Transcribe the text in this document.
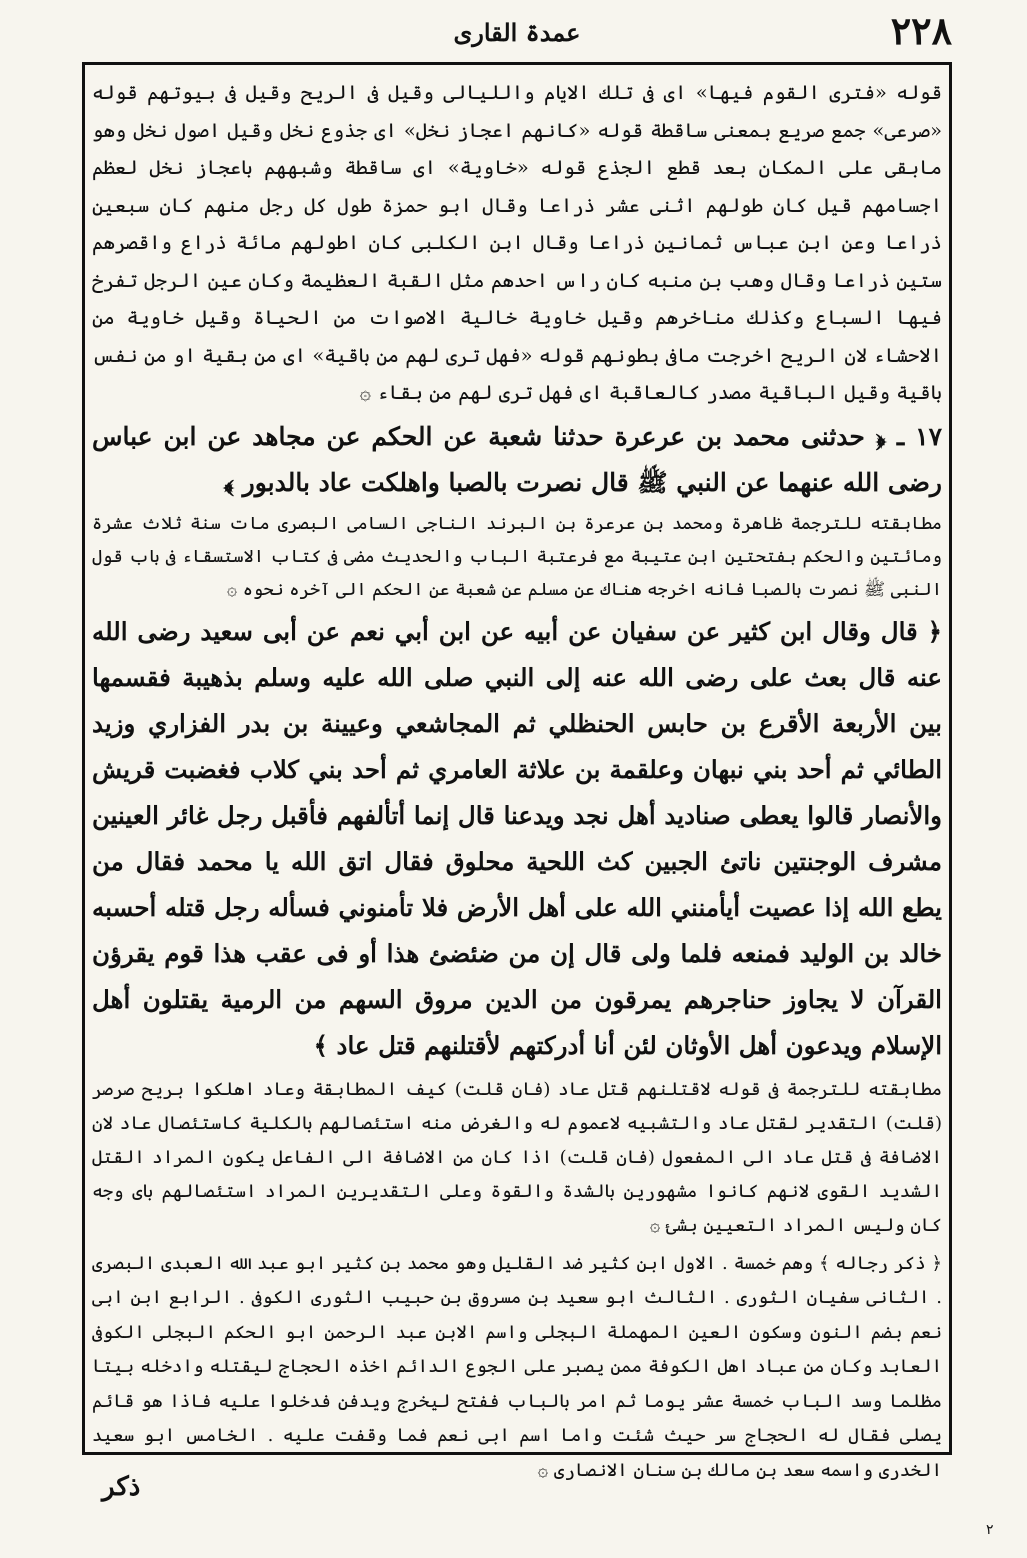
٢٢٨
عمدۃ القاری

قوله «فترى القوم فيها» اى فى تلك الايام والليالى وقيل فى الريح وقيل فى بيوتهم قوله «صرعى» جمع صريع بمعنى ساقطة قوله «كانهم اعجاز نخل» اى جذوع نخل وقيل اصول نخل وهو مابقى على المكان بعد قطع الجذع قوله «خاوية» اى ساقطة وشبههم باعجاز نخل لعظم اجسامهم قيل كان طولهم اثنى عشر ذراعا وقال ابو حمزة طول كل رجل منهم كان سبعين ذراعا وعن ابن عباس ثمانين ذراعا وقال ابن الكلبى كان اطولهم مائة ذراع واقصرهم ستين ذراعا وقال وهب بن منبه كان راس احدهم مثل القبة العظيمة وكان عين الرجل تفرخ فيها السباع وكذلك مناخرهم وقيل خاوية خالية الاصوات من الحياة وقيل خاوية من الاحشاء لان الريح اخرجت مافى بطونهم قوله «فهل ترى لهم من باقية» اى من بقية او من نفس باقية وقيل الباقية مصدر كالعاقبة اى فهل ترى لهم من بقاء ۞

١٧ ـ ﴿ حدثنى محمد بن عرعرة حدثنا شعبة عن الحكم عن مجاهد عن ابن عباس رضى الله عنهما عن النبي ﷺ قال نصرت بالصبا واهلكت عاد بالدبور ﴾

مطابقته للترجمة ظاهرة ومحمد بن عرعرة بن البرند الناجى السامى البصرى مات سنة ثلاث عشرة ومائتين والحكم بفتحتين ابن عتيبة مع فرعتبة الباب والحديث مضى فى كتاب الاستسقاء فى باب قول النبى ﷺ نصرت بالصبا فانه اخرجه هناك عن مسلم عن شعبة عن الحكم الى آخره نحوه ۞

﴿ قال وقال ابن كثير عن سفيان عن أبيه عن ابن أبي نعم عن أبى سعيد رضى الله عنه قال بعث على رضى الله عنه إلى النبي صلى الله عليه وسلم بذهيبة فقسمها بين الأربعة الأقرع بن حابس الحنظلي ثم المجاشعي وعيينة بن بدر الفزاري وزيد الطائي ثم أحد بني نبهان وعلقمة بن علاثة العامري ثم أحد بني كلاب فغضبت قريش والأنصار قالوا يعطى صناديد أهل نجد ويدعنا قال إنما أتألفهم فأقبل رجل غائر العينين مشرف الوجنتين ناتئ الجبين كث اللحية محلوق فقال اتق الله يا محمد فقال من يطع الله إذا عصيت أيأمنني الله على أهل الأرض فلا تأمنوني فسأله رجل قتله أحسبه خالد بن الوليد فمنعه فلما ولى قال إن من ضئضئ هذا أو فى عقب هذا قوم يقرؤن القرآن لا يجاوز حناجرهم يمرقون من الدين مروق السهم من الرمية يقتلون أهل الإسلام ويدعون أهل الأوثان لئن أنا أدركتهم لأقتلنهم قتل عاد ﴾

مطابقته للترجمة فى قوله لاقتلنهم قتل عاد (فان قلت) كيف المطابقة وعاد اهلكوا بريح صرصر (قلت) التقدير لقتل عاد والتشبيه لاعموم له والغرض منه استئصالهم بالكلية كاستئصال عاد لان الاضافة فى قتل عاد الى المفعول (فان قلت) اذا كان من الاضافة الى الفاعل يكون المراد القتل الشديد القوى لانهم كانوا مشهورين بالشدة والقوة وعلى التقديرين المراد استئصالهم باى وجه كان وليس المراد التعيين بشئ ۞

﴿ ذكر رجاله ﴾ وهم خمسة . الاول ابن كثير ضد القليل وهو محمد بن كثير ابو عبد الله العبدى البصرى . الثانى سفيان الثورى . الثالث ابو سعيد بن مسروق بن حبيب الثورى الكوفى . الرابع ابن ابى نعم بضم النون وسكون العين المهملة البجلى واسم الابن عبد الرحمن ابو الحكم البجلى الكوفى العابد وكان من عباد اهل الكوفة ممن يصبر على الجوع الدائم اخذه الحجاج ليقتله وادخله بيتا مظلما وسد الباب خمسة عشر يوما ثم امر بالباب ففتح ليخرج ويدفن فدخلوا عليه فاذا هو قائم يصلى فقال له الحجاج سر حيث شئت واما اسم ابى نعم فما وقفت عليه . الخامس ابو سعيد الخدرى واسمه سعد بن مالك بن سنان الانصارى ۞

ذكر
٢
